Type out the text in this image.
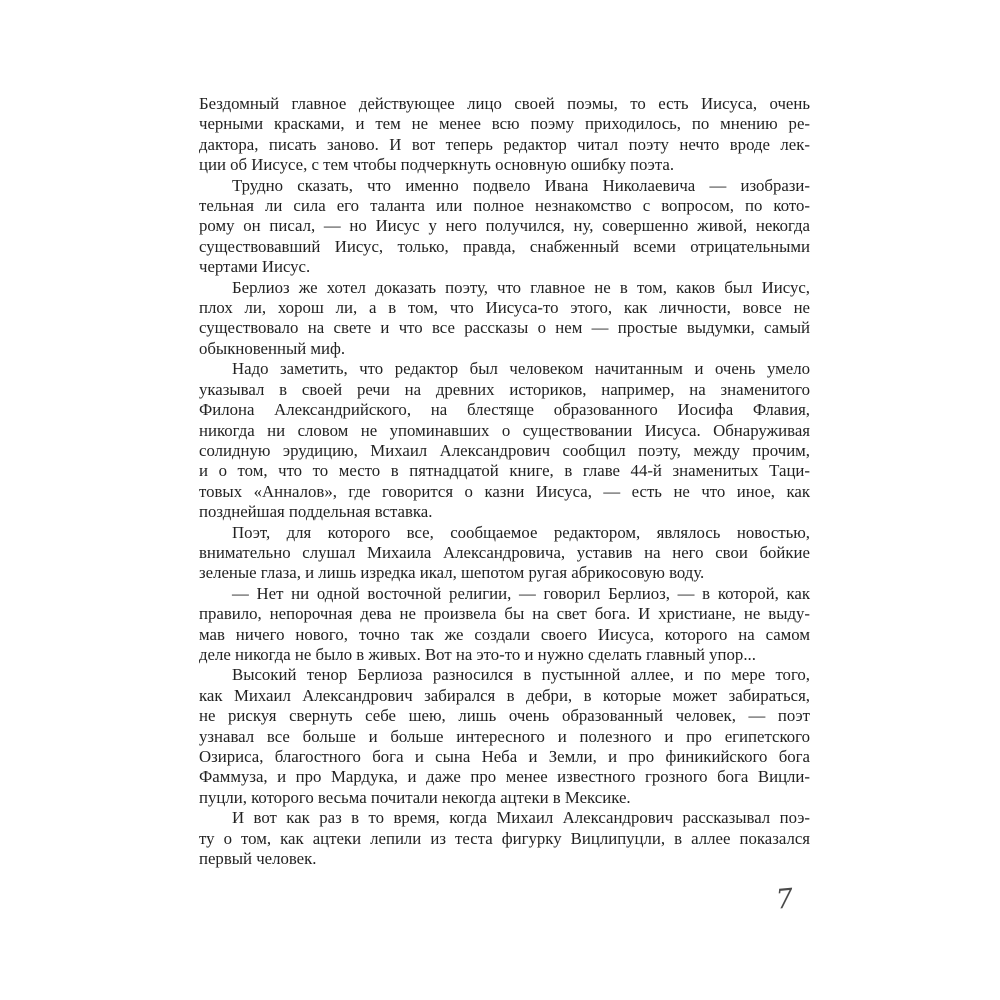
Бездомный главное действующее лицо своей поэмы, то есть Иисуса, очень
черными красками, и тем не менее всю поэму приходилось, по мнению ре-
дактора, писать заново. И вот теперь редактор читал поэту нечто вроде лек-
ции об Иисусе, с тем чтобы подчеркнуть основную ошибку поэта.
Трудно сказать, что именно подвело Ивана Николаевича — изобрази-
тельная ли сила его таланта или полное незнакомство с вопросом, по кото-
рому он писал, — но Иисус у него получился, ну, совершенно живой, некогда
существовавший Иисус, только, правда, снабженный всеми отрицательными
чертами Иисус.
Берлиоз же хотел доказать поэту, что главное не в том, каков был Иисус,
плох ли, хорош ли, а в том, что Иисуса-то этого, как личности, вовсе не
существовало на свете и что все рассказы о нем — простые выдумки, самый
обыкновенный миф.
Надо заметить, что редактор был человеком начитанным и очень умело
указывал в своей речи на древних историков, например, на знаменитого
Филона Александрийского, на блестяще образованного Иосифа Флавия,
никогда ни словом не упоминавших о существовании Иисуса. Обнаруживая
солидную эрудицию, Михаил Александрович сообщил поэту, между прочим,
и о том, что то место в пятнадцатой книге, в главе 44-й знаменитых Таци-
товых «Анналов», где говорится о казни Иисуса, — есть не что иное, как
позднейшая поддельная вставка.
Поэт, для которого все, сообщаемое редактором, являлось новостью,
внимательно слушал Михаила Александровича, уставив на него свои бойкие
зеленые глаза, и лишь изредка икал, шепотом ругая абрикосовую воду.
— Нет ни одной восточной религии, — говорил Берлиоз, — в которой, как
правило, непорочная дева не произвела бы на свет бога. И христиане, не выду-
мав ничего нового, точно так же создали своего Иисуса, которого на самом
деле никогда не было в живых. Вот на это-то и нужно сделать главный упор...
Высокий тенор Берлиоза разносился в пустынной аллее, и по мере того,
как Михаил Александрович забирался в дебри, в которые может забираться,
не рискуя свернуть себе шею, лишь очень образованный человек, — поэт
узнавал все больше и больше интересного и полезного и про египетского
Озириса, благостного бога и сына Неба и Земли, и про финикийского бога
Фаммуза, и про Мардука, и даже про менее известного грозного бога Вицли-
пуцли, которого весьма почитали некогда ацтеки в Мексике.
И вот как раз в то время, когда Михаил Александрович рассказывал поэ-
ту о том, как ацтеки лепили из теста фигурку Вицлипуцли, в аллее показался
первый человек.
7
